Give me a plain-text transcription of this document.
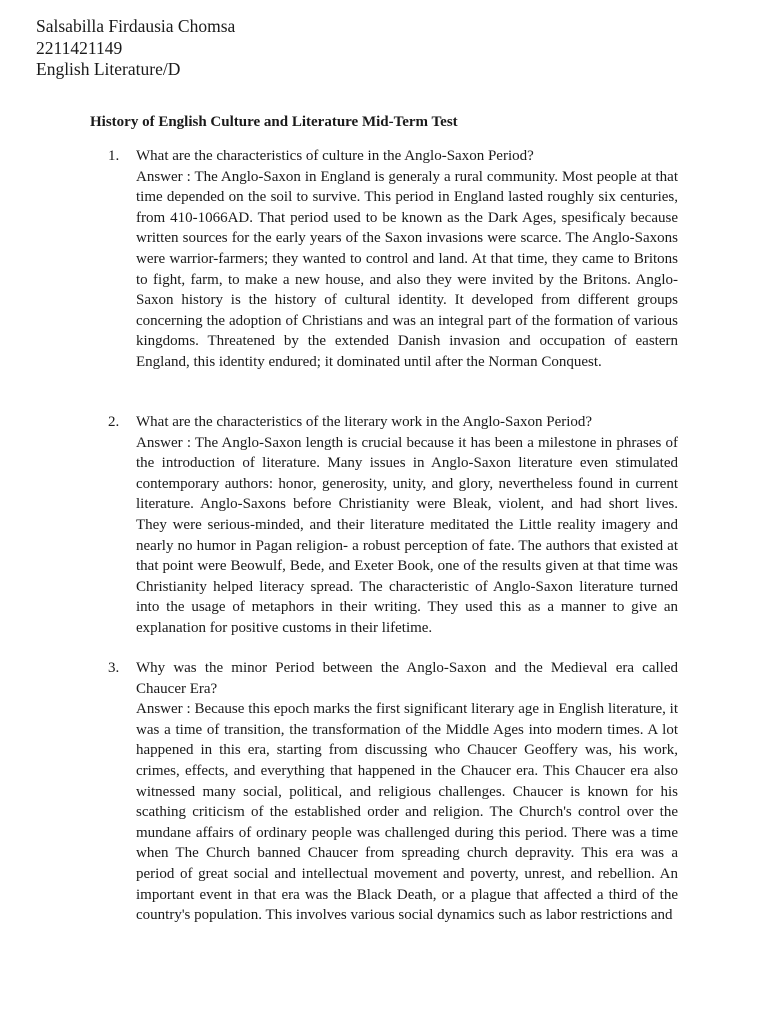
Salsabilla Firdausia Chomsa
2211421149
English Literature/D
History of English Culture and Literature Mid-Term Test
1. What are the characteristics of culture in the Anglo-Saxon Period?

Answer : The Anglo-Saxon in England is generaly a rural community. Most people at that time depended on the soil to survive. This period in England lasted roughly six centuries, from 410-1066AD. That period used to be known as the Dark Ages, spesificaly because written sources for the early years of the Saxon invasions were scarce. The Anglo-Saxons were warrior-farmers; they wanted to control and land. At that time, they came to Britons to fight, farm, to make a new house, and also they were invited by the Britons. Anglo-Saxon history is the history of cultural identity. It developed from different groups concerning the adoption of Christians and was an integral part of the formation of various kingdoms. Threatened by the extended Danish invasion and occupation of eastern England, this identity endured; it dominated until after the Norman Conquest.

2. What are the characteristics of the literary work in the Anglo-Saxon Period?

Answer : The Anglo-Saxon length is crucial because it has been a milestone in phrases of the introduction of literature. Many issues in Anglo-Saxon literature even stimulated contemporary authors: honor, generosity, unity, and glory, nevertheless found in current literature. Anglo-Saxons before Christianity were Bleak, violent, and had short lives. They were serious-minded, and their literature meditated the Little reality imagery and nearly no humor in Pagan religion- a robust perception of fate. The authors that existed at that point were Beowulf, Bede, and Exeter Book, one of the results given at that time was Christianity helped literacy spread. The characteristic of Anglo-Saxon literature turned into the usage of metaphors in their writing. They used this as a manner to give an explanation for positive customs in their lifetime.

3. Why was the minor Period between the Anglo-Saxon and the Medieval era called Chaucer Era?

Answer : Because this epoch marks the first significant literary age in English literature, it was a time of transition, the transformation of the Middle Ages into modern times. A lot happened in this era, starting from discussing who Chaucer Geoffery was, his work, crimes, effects, and everything that happened in the Chaucer era. This Chaucer era also witnessed many social, political, and religious challenges. Chaucer is known for his scathing criticism of the established order and religion. The Church's control over the mundane affairs of ordinary people was challenged during this period. There was a time when The Church banned Chaucer from spreading church depravity. This era was a period of great social and intellectual movement and poverty, unrest, and rebellion. An important event in that era was the Black Death, or a plague that affected a third of the country's population. This involves various social dynamics such as labor restrictions and
